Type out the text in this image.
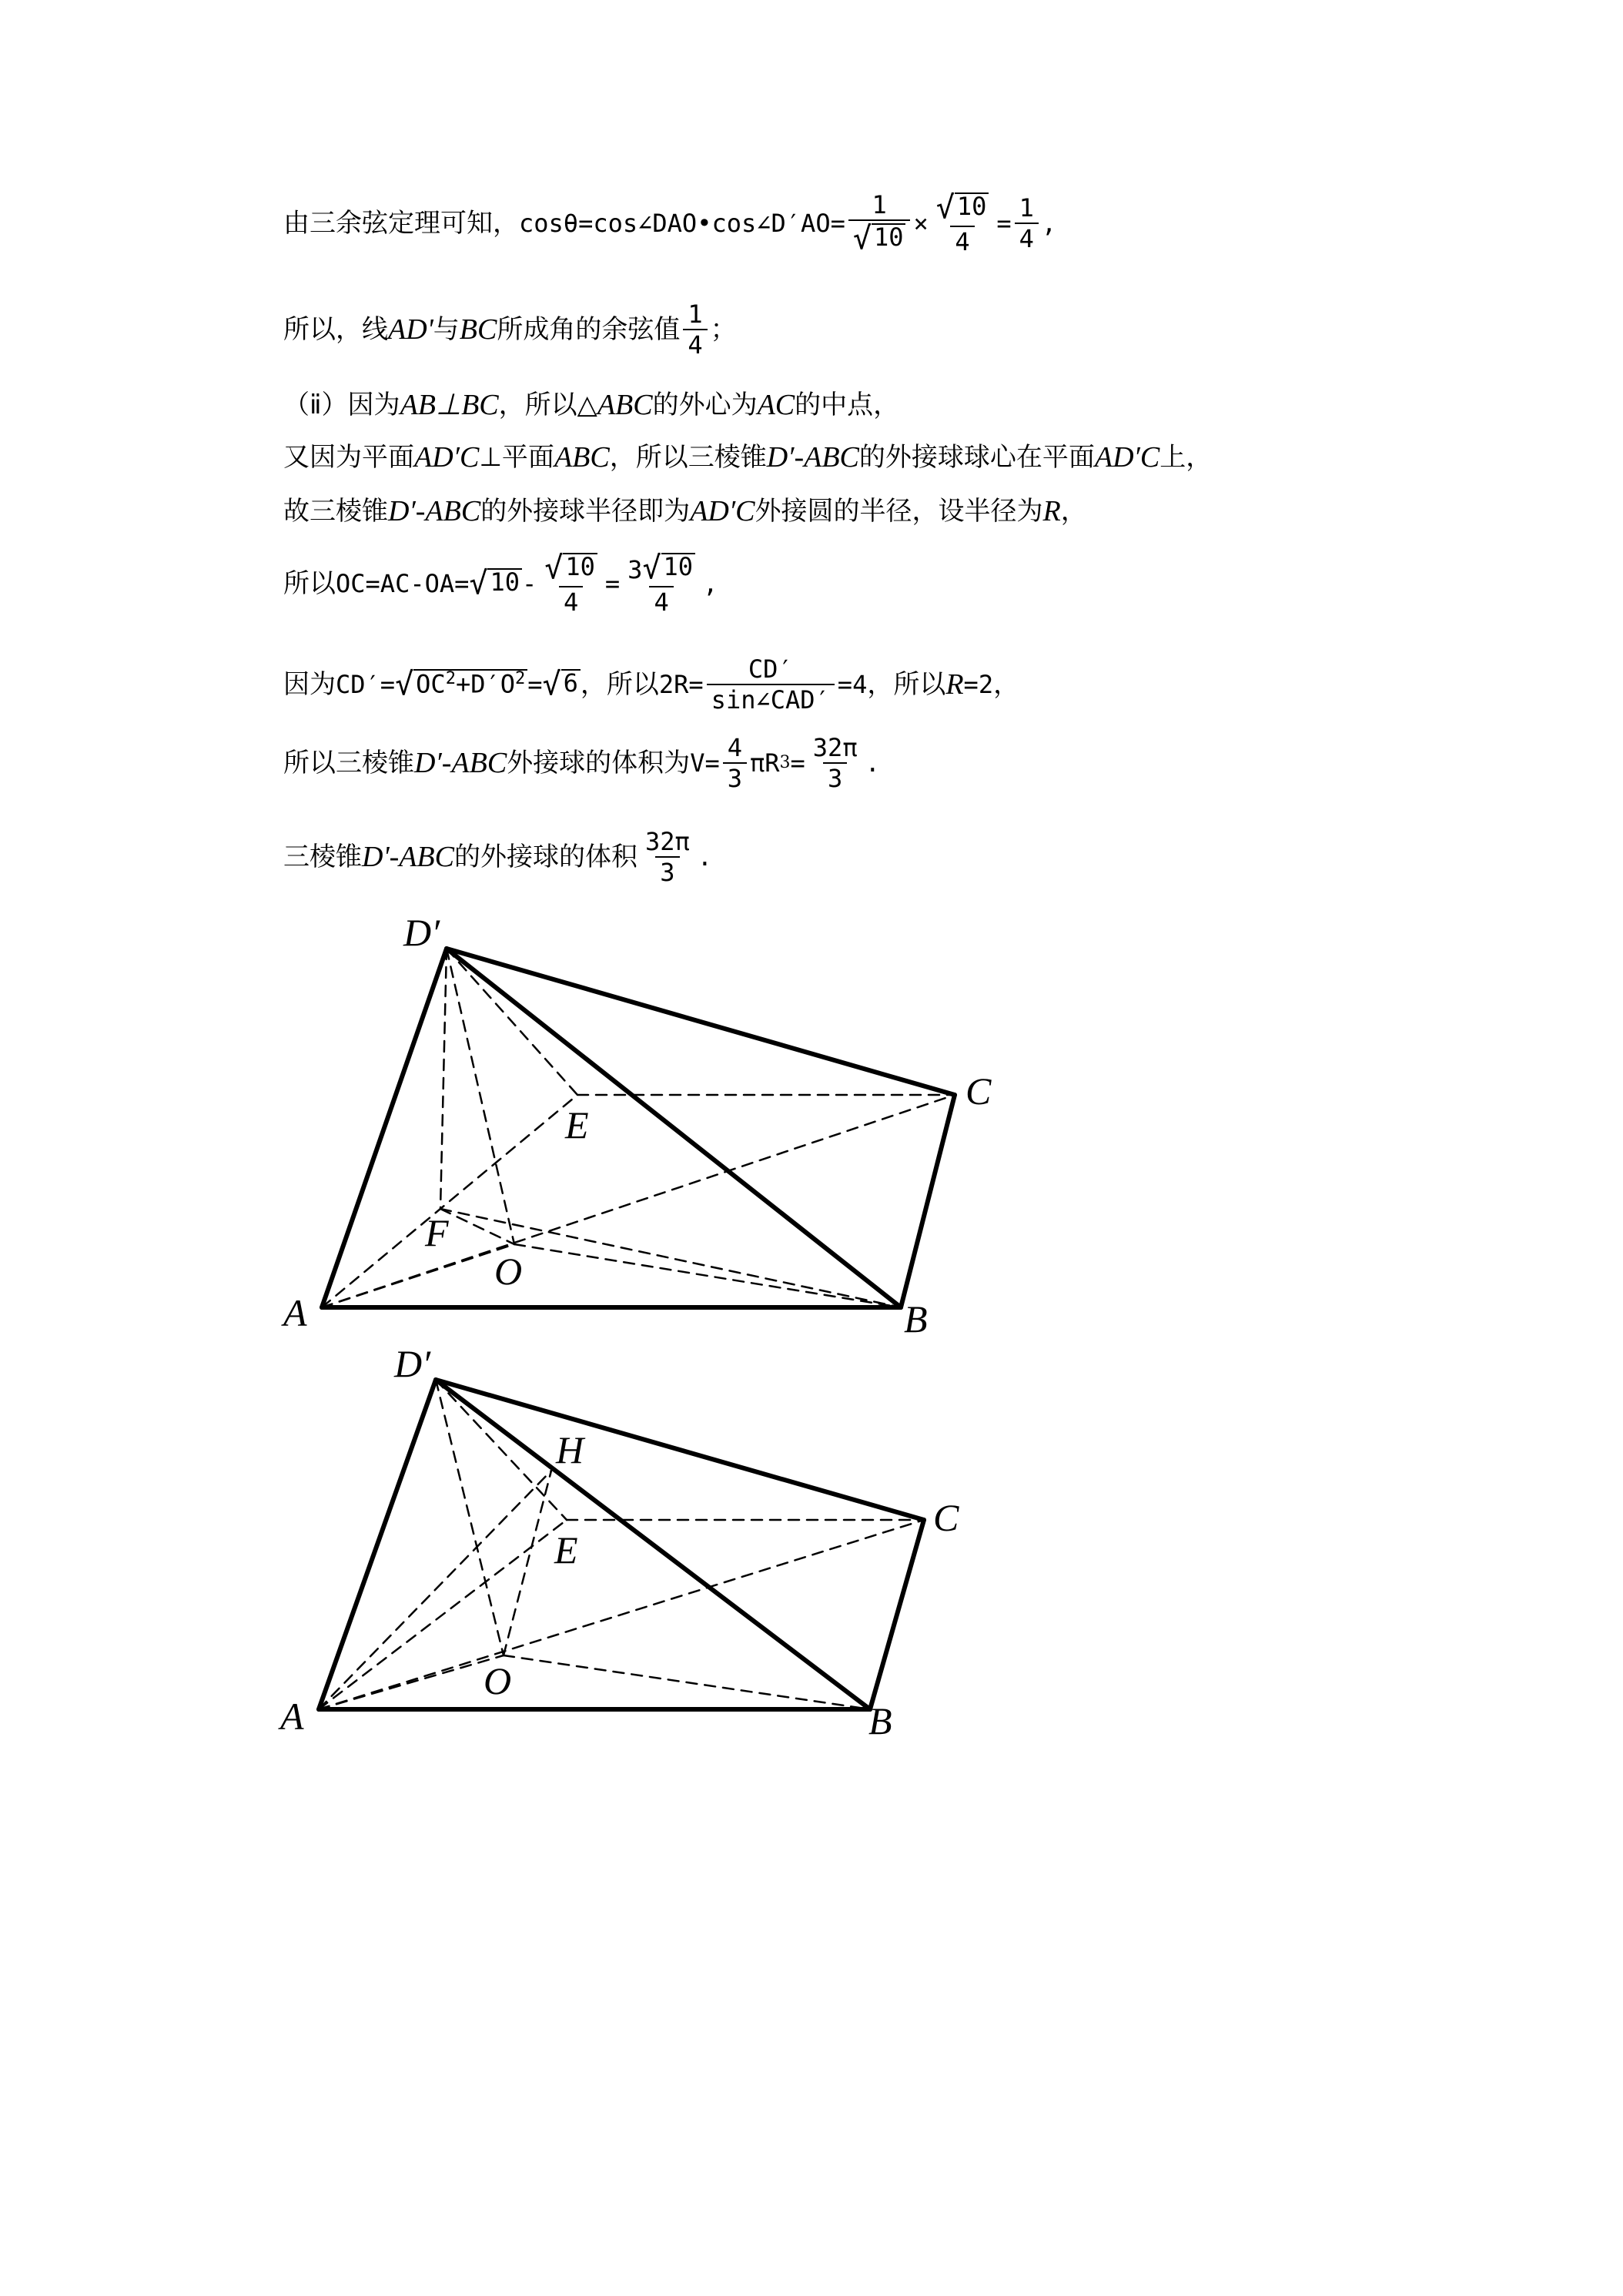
由三余弦定理可知， cosθ=cos∠DAO•cos∠D′AO= $\frac{1}{√ 10} \times \frac{√ 10}{4} = \frac{1}{4}$ ,
所以，线 AD' 与 BC 所成角的余弦值 $\frac{1}{4}$ ；
（ⅱ）因为 AB⊥BC ，所以△ ABC 的外心为 AC 的中点，
又因为平面 AD′C ⊥平面 ABC ，所以三棱锥 D′-ABC 的外接球球心在平面 AD′C 上，
故三棱锥 D′-ABC 的外接球半径即为 AD′C 外接圆的半径，设半径为 R ，
所以 OC=AC-OA= √ $10 - \frac{√ 10}{4} = \frac{3 √ 10}{4}$ ,
因为 CD′= √ $OC^2+D'O^2$ = √ 6 ，所以 $2R= \frac{CD'}{\text{sin∠CAD′}} =4$ ，所以 R =2 ，
所以三棱锥 D′-ABC 外接球的体积为 $V= \frac{4}{3}$ π R $3 = \frac{32\pi}{3}$ .
三棱锥 D'-ABC 的外接球的体积 $\frac{32\pi}{3}$ .
D′
A	B
C
E
F
O
D′
A	B
C
E
H
O
